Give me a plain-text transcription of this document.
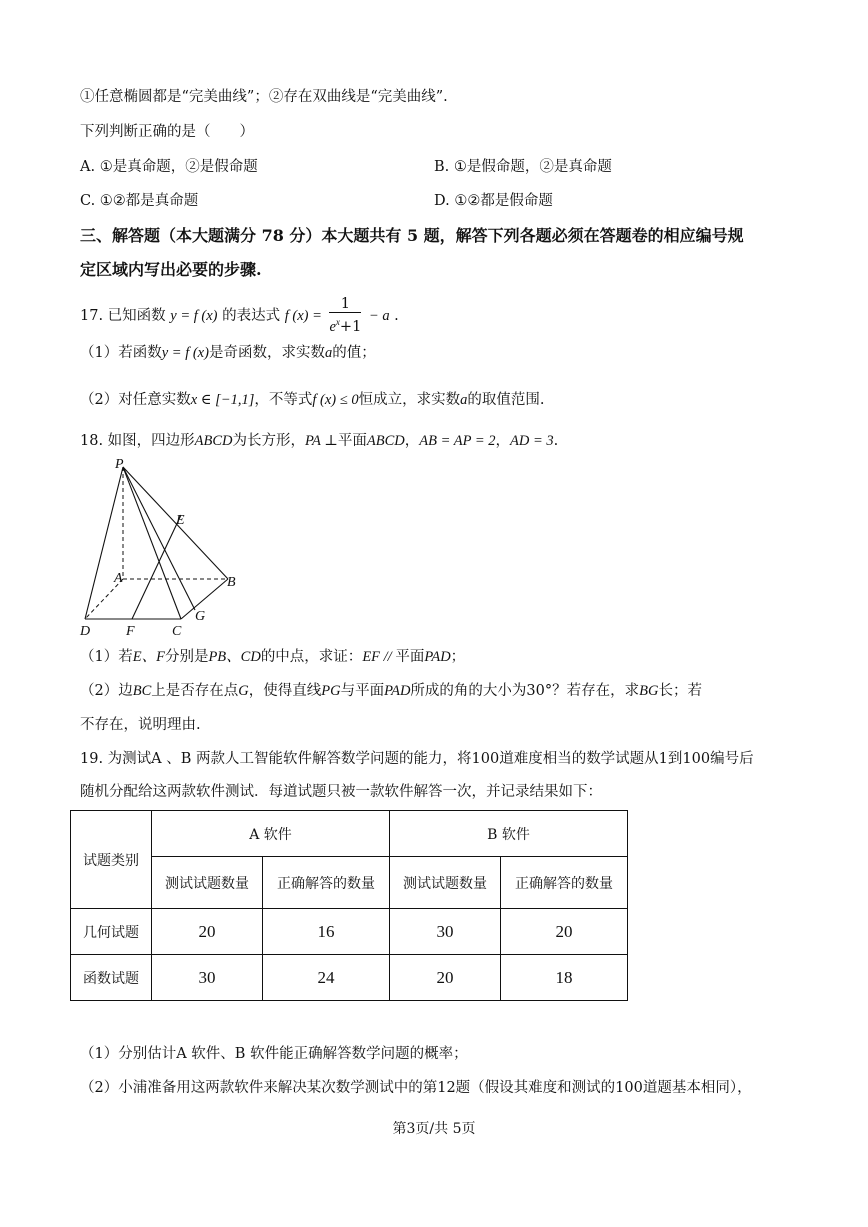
①任意椭圆都是“完美曲线”；②存在双曲线是“完美曲线”.
下列判断正确的是（　　）
A. ①是真命题，②是假命题	B. ①是假命题，②是真命题
C. ①②都是真命题	D. ①②都是假命题
三、解答题（本大题满分 78 分）本大题共有 5 题，解答下列各题必须在答题卷的相应编号规
定区域内写出必要的步骤.
17. 已知函数 y = f (x) 的表达式 f $(x) = \frac{1}{e^x+1} - a$ .
（1）若函数y = f (x)是奇函数，求实数a的值；
（2）对任意实数x ∈ [−1,1]，不等式f (x) ≤ 0恒成立，求实数a的取值范围.
18. 如图，四边形ABCD为长方形，PA ⊥平面ABCD，AB = AP = 2，AD = 3.
P
E
A	B
G
D	F	C
（1）若E、F分别是PB、CD的中点，求证：EF // 平面PAD；
（2）边BC上是否存在点G，使得直线PG与平面PAD所成的角的大小为30°？若存在，求BG长；若
不存在，说明理由.
19. 为测试A 、B 两款人工智能软件解答数学问题的能力，将100道难度相当的数学试题从1到100编号后
随机分配给这两款软件测试．每道试题只被一款软件解答一次，并记录结果如下：
试题类别	A 软件		B 软件	
	测试试题数量	正确解答的数量	测试试题数量	正确解答的数量
几何试题	20	16	30	20
函数试题	30	24	20	18
（1）分别估计A 软件、B 软件能正确解答数学问题的概率；
（2）小浦准备用这两款软件来解决某次数学测试中的第12题（假设其难度和测试的100道题基本相同），
第3页/共 5页
